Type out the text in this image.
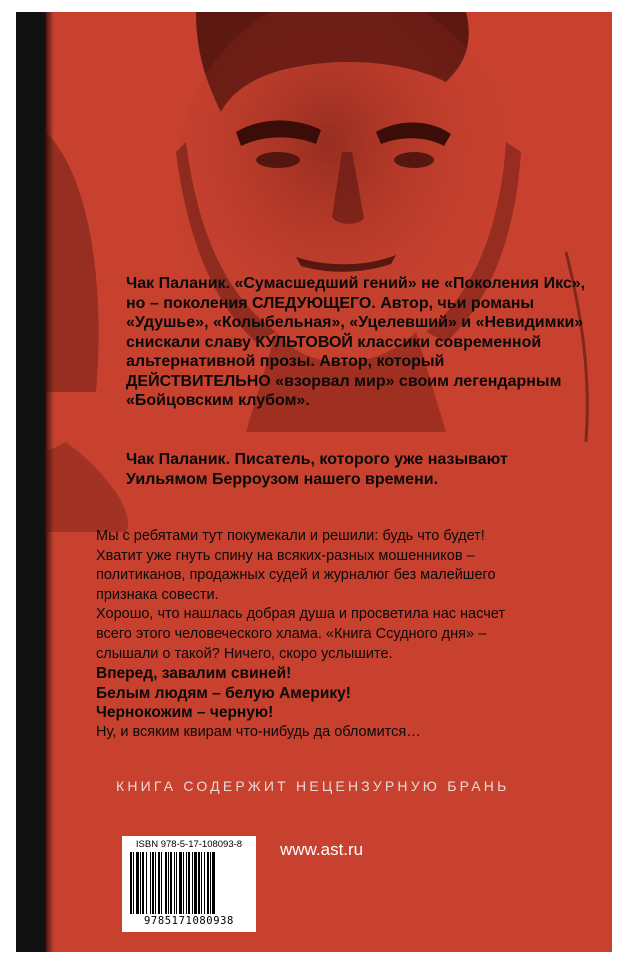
Чак Паланик. «Сумасшедший гений» не «Поколения Икс», но – поколения СЛЕДУЮЩЕГО. Автор, чьи романы «Удушье», «Колыбельная», «Уцелевший» и «Невидимки» снискали славу КУЛЬТОВОЙ классики современной альтернативной прозы. Автор, который ДЕЙСТВИТЕЛЬНО «взорвал мир» своим легендарным «Бойцовским клубом».
Чак Паланик. Писатель, которого уже называют Уильямом Берроузом нашего времени.
Мы с ребятами тут покумекали и решили: будь что будет!
Хватит уже гнуть спину на всяких-разных мошенников –
политиканов, продажных судей и журналюг без малейшего
признака совести.
Хорошо, что нашлась добрая душа и просветила нас насчет
всего этого человеческого хлама. «Книга Ссудного дня» –
слышали о такой? Ничего, скоро услышите.
Вперед, завалим свиней!
Белым людям – белую Америку!
Чернокожим – черную!
Ну, и всяким квирам что-нибудь да обломится…
КНИГА СОДЕРЖИТ НЕЦЕНЗУРНУЮ БРАНЬ
ISBN 978-5-17-108093-8
9785171080938
www.ast.ru
